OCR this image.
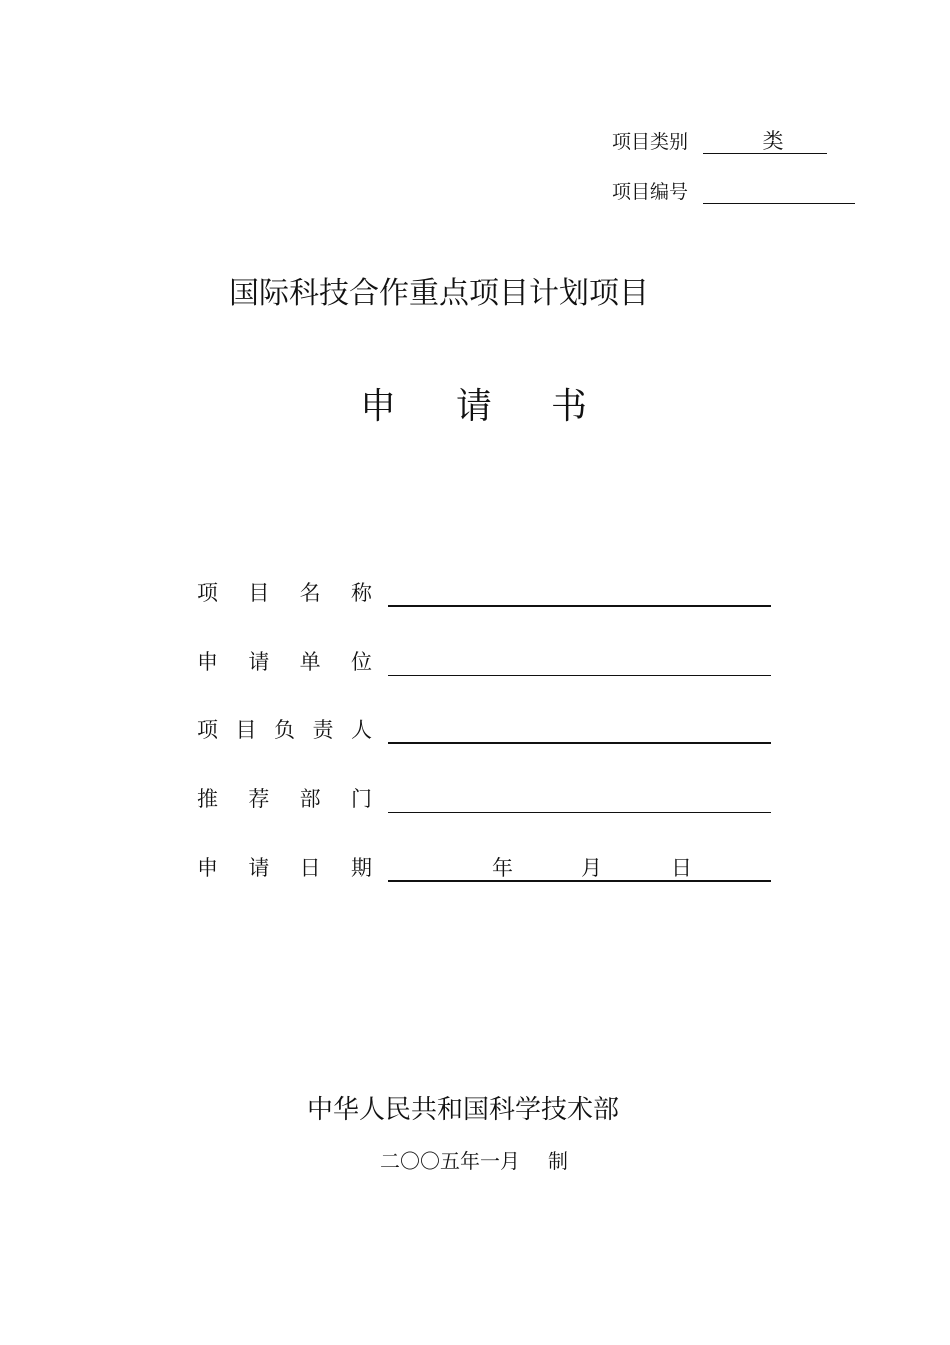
项目类别	类
项目编号
国际科技合作重点项目计划项目
申 请 书
项 目 名 称
申 请 单 位
项 目 负 责 人
推 荐 部 门
申 请 日 期	年	月	日
中华人民共和国科学技术部
二〇〇五年一月 制
